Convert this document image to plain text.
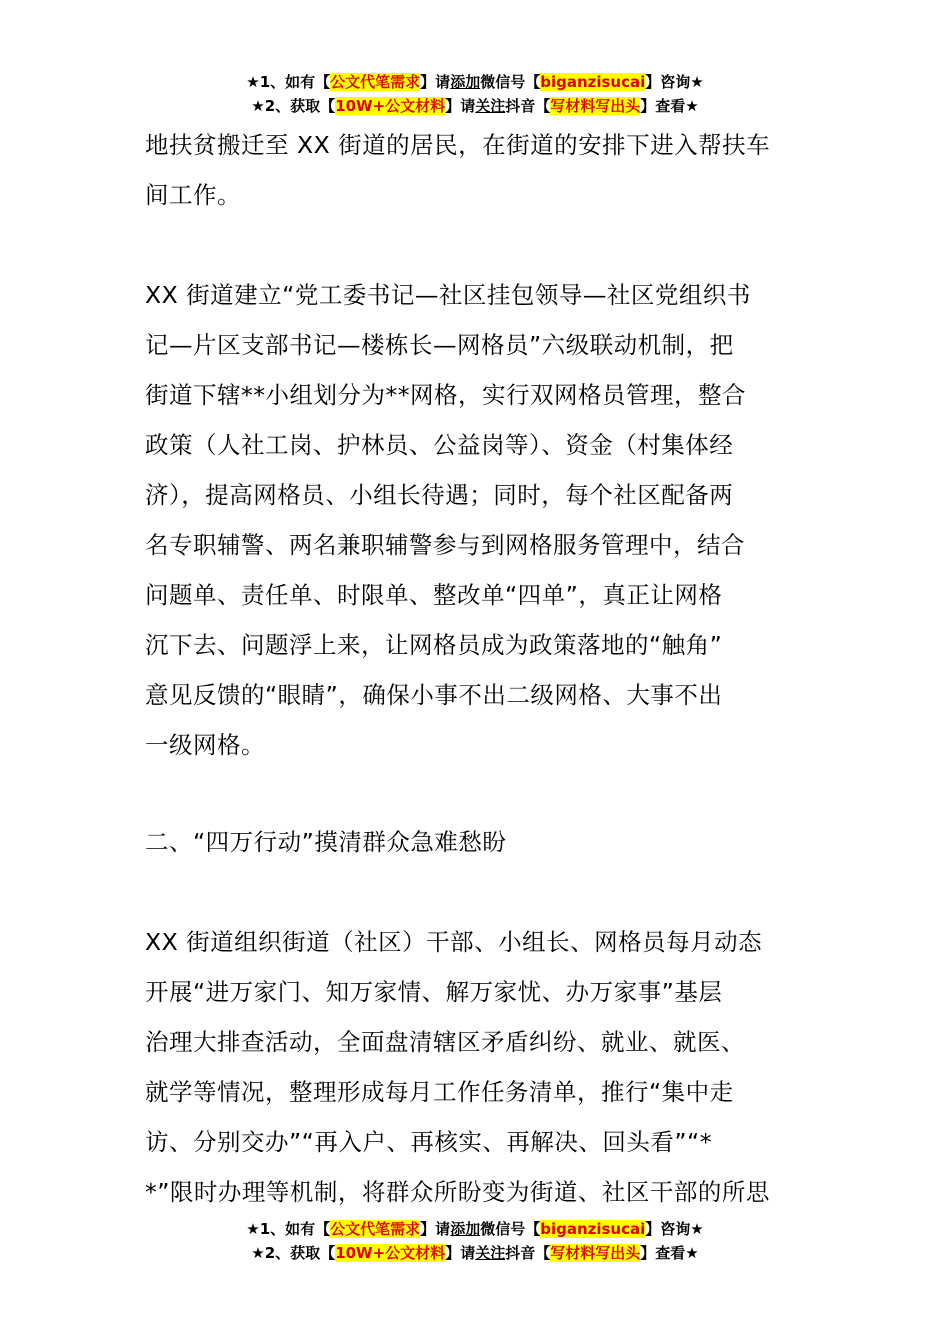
★1、如有【公文代笔需求】请添加微信号【biganzisucai】咨询★
★2、获取【10W+公文材料】请关注抖音【写材料写出头】查看★

地扶贫搬迁至 XX 街道的居民，在街道的安排下进入帮扶车
间工作。

XX 街道建立“党工委书记—社区挂包领导—社区党组织书
记—片区支部书记—楼栋长—网格员”六级联动机制，把
街道下辖**小组划分为**网格，实行双网格员管理，整合
政策（人社工岗、护林员、公益岗等）、资金（村集体经
济），提高网格员、小组长待遇；同时，每个社区配备两
名专职辅警、两名兼职辅警参与到网格服务管理中，结合
问题单、责任单、时限单、整改单“四单”，真正让网格
沉下去、问题浮上来，让网格员成为政策落地的“触角”
意见反馈的“眼睛”，确保小事不出二级网格、大事不出
一级网格。

二、“四万行动”摸清群众急难愁盼

XX 街道组织街道（社区）干部、小组长、网格员每月动态
开展“进万家门、知万家情、解万家忧、办万家事”基层
治理大排查活动，全面盘清辖区矛盾纠纷、就业、就医、
就学等情况，整理形成每月工作任务清单，推行“集中走
访、分别交办”“再入户、再核实、再解决、回头看”“*
*”限时办理等机制，将群众所盼变为街道、社区干部的所思

★1、如有【公文代笔需求】请添加微信号【biganzisucai】咨询★
★2、获取【10W+公文材料】请关注抖音【写材料写出头】查看★
